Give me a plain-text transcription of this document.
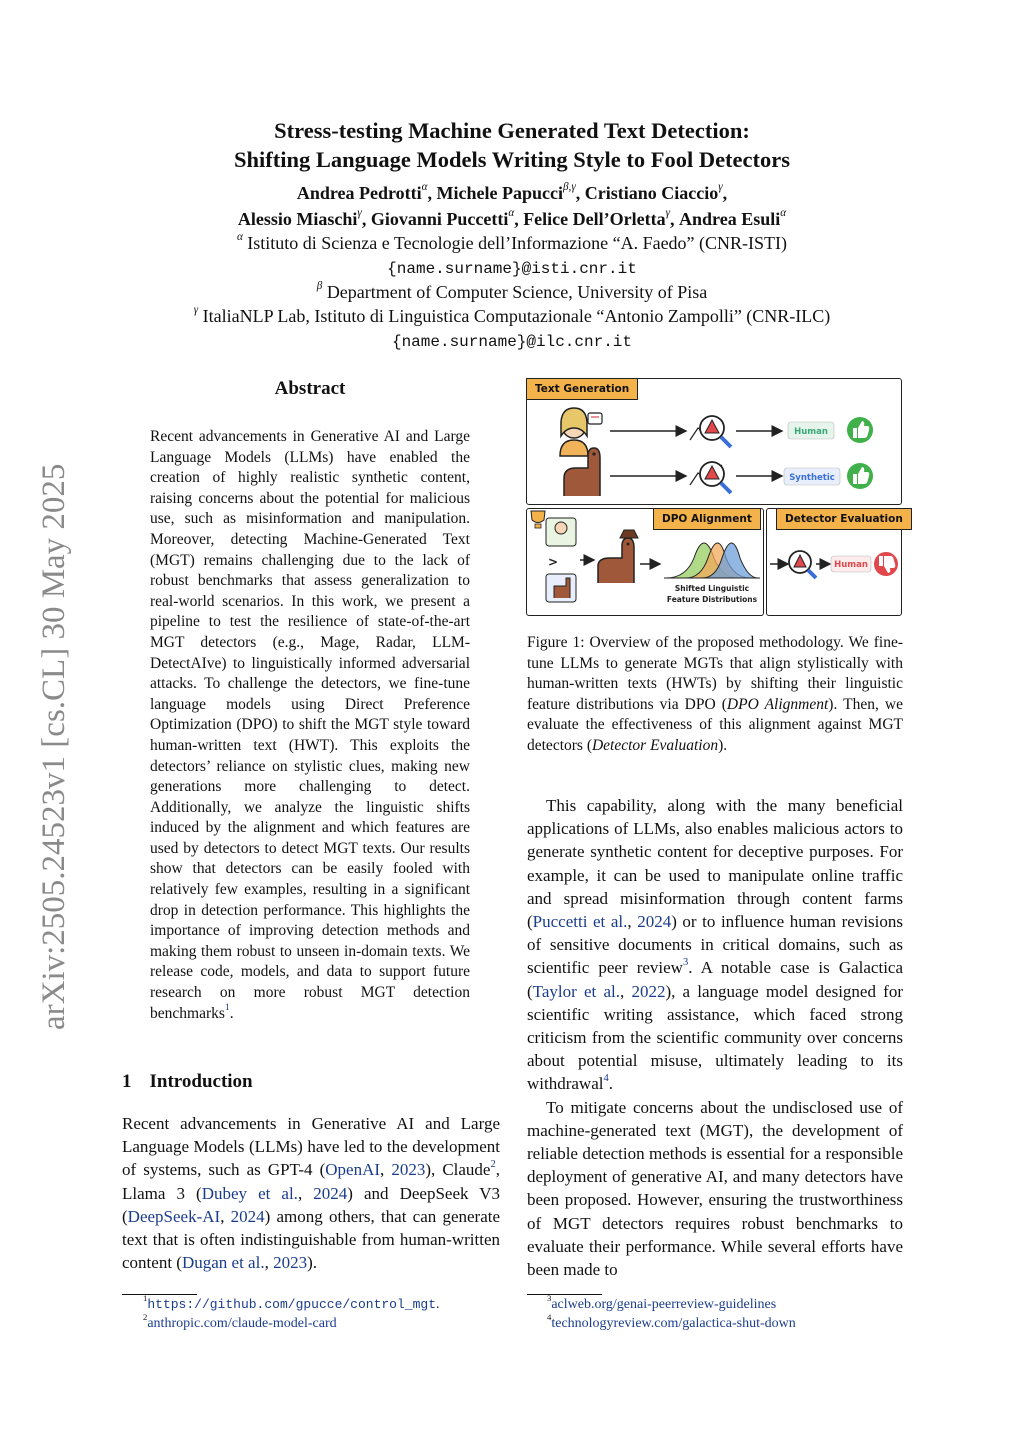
arXiv:2505.24523v1 [cs.CL] 30 May 2025
Stress-testing Machine Generated Text Detection:
Shifting Language Models Writing Style to Fool Detectors
Andrea Pedrotti$^\alpha$, Michele Papucci$^{\beta,\gamma}$, Cristiano Ciaccio$^\gamma$,
Alessio Miaschi$^\gamma$, Giovanni Puccetti$^\alpha$, Felice Dell’Orletta$^\gamma$, Andrea Esuli$^\alpha$
$^\alpha$ Istituto di Scienza e Tecnologie dell’Informazione “A. Faedo” (CNR-ISTI)
{name.surname}@isti.cnr.it
$^\beta$ Department of Computer Science, University of Pisa
$^\gamma$ ItaliaNLP Lab, Istituto di Linguistica Computazionale “Antonio Zampolli” (CNR-ILC)
{name.surname}@ilc.cnr.it
Abstract
Recent advancements in Generative AI and Large Language Models (LLMs) have enabled the creation of highly realistic synthetic content, raising concerns about the potential for malicious use, such as misinformation and manipulation. Moreover, detecting Machine-Generated Text (MGT) remains challenging due to the lack of robust benchmarks that assess generalization to real-world scenarios. In this work, we present a pipeline to test the resilience of state-of-the-art MGT detectors (e.g., Mage, Radar, LLM-DetectAIve) to linguistically informed adversarial attacks. To challenge the detectors, we fine-tune language models using Direct Preference Optimization (DPO) to shift the MGT style toward human-written text (HWT). This exploits the detectors’ reliance on stylistic clues, making new generations more challenging to detect. Additionally, we analyze the linguistic shifts induced by the alignment and which features are used by detectors to detect MGT texts. Our results show that detectors can be easily fooled with relatively few examples, resulting in a significant drop in detection performance. This highlights the importance of improving detection methods and making them robust to unseen in-domain texts. We release code, models, and data to support future research on more robust MGT detection benchmarks$^1$.
1 Introduction

Recent advancements in Generative AI and Large Language Models (LLMs) have led to the development of systems, such as GPT-4 (OpenAI, 2023), Claude$^2$, Llama 3 (Dubey et al., 2024) and DeepSeek V3 (DeepSeek-AI, 2024) among others, that can generate text that is often indistinguishable from human-written content (Dugan et al., 2023).

$^1$https://github.com/gpucce/control_mgt.
$^2$anthropic.com/claude-model-card
Text Generation
DPO Alignment	Detector Evaluation
Human
Synthetic
>
Shifted Linguistic
Feature Distributions
Human
Figure 1: Overview of the proposed methodology. We fine-tune LLMs to generate MGTs that align stylistically with human-written texts (HWTs) by shifting their linguistic feature distributions via DPO (DPO Alignment). Then, we evaluate the effectiveness of this alignment against MGT detectors (Detector Evaluation).

This capability, along with the many beneficial applications of LLMs, also enables malicious actors to generate synthetic content for deceptive purposes. For example, it can be used to manipulate online traffic and spread misinformation through content farms (Puccetti et al., 2024) or to influence human revisions of sensitive documents in critical domains, such as scientific peer review$^3$. A notable case is Galactica (Taylor et al., 2022), a language model designed for scientific writing assistance, which faced strong criticism from the scientific community over concerns about potential misuse, ultimately leading to its withdrawal$^4$.

To mitigate concerns about the undisclosed use of machine-generated text (MGT), the development of reliable detection methods is essential for a responsible deployment of generative AI, and many detectors have been proposed. However, ensuring the trustworthiness of MGT detectors requires robust benchmarks to evaluate their performance. While several efforts have been made to

$^3$aclweb.org/genai-peerreview-guidelines
$^4$technologyreview.com/galactica-shut-down
